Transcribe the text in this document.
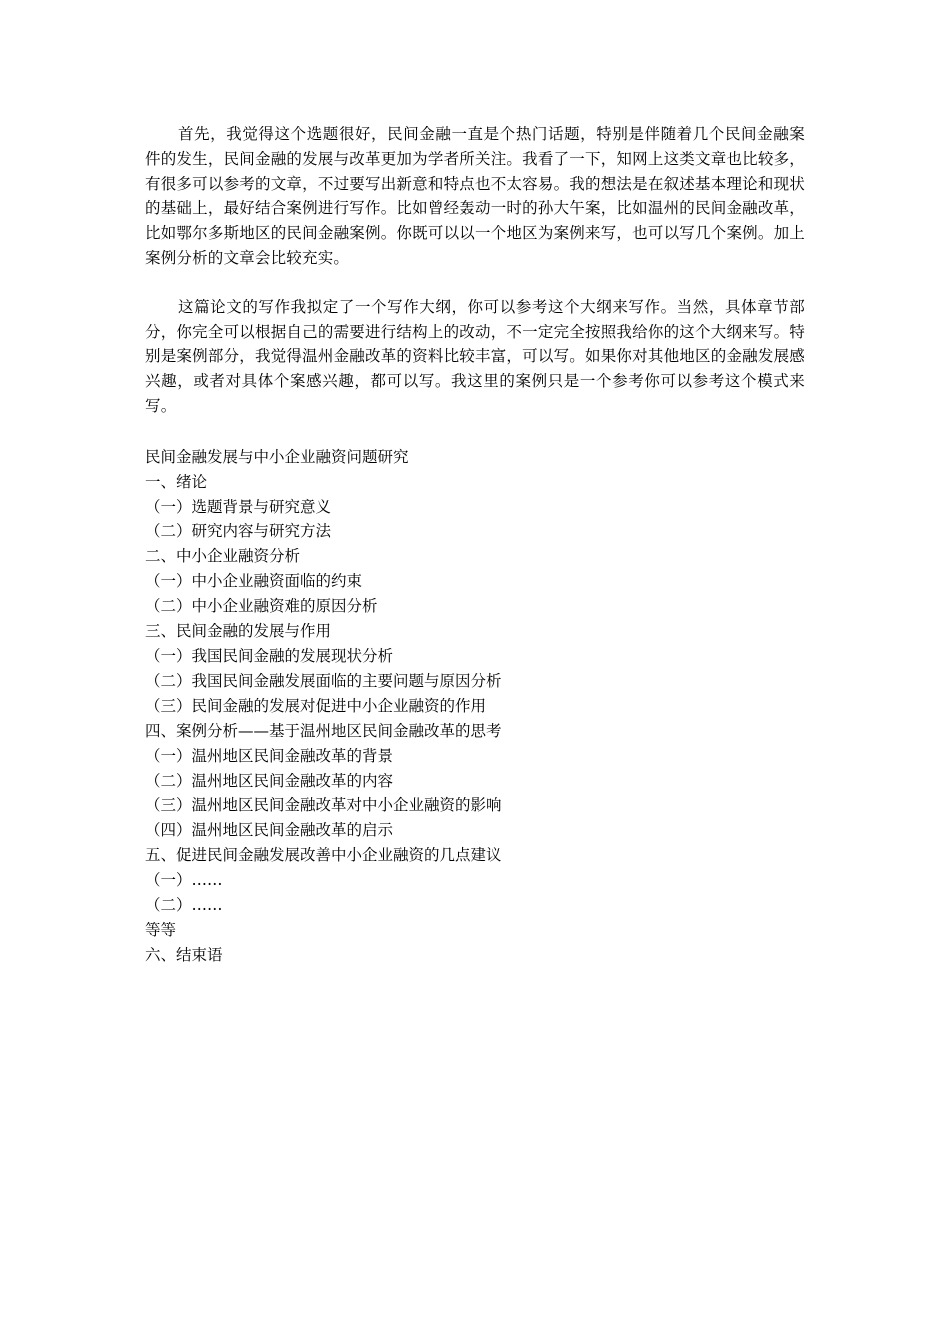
首先，我觉得这个选题很好，民间金融一直是个热门话题，特别是伴随着几个民间金融案件的发生，民间金融的发展与改革更加为学者所关注。我看了一下，知网上这类文章也比较多，有很多可以参考的文章，不过要写出新意和特点也不太容易。我的想法是在叙述基本理论和现状的基础上，最好结合案例进行写作。比如曾经轰动一时的孙大午案，比如温州的民间金融改革，比如鄂尔多斯地区的民间金融案例。你既可以以一个地区为案例来写，也可以写几个案例。加上案例分析的文章会比较充实。

这篇论文的写作我拟定了一个写作大纲，你可以参考这个大纲来写作。当然，具体章节部分，你完全可以根据自己的需要进行结构上的改动，不一定完全按照我给你的这个大纲来写。特别是案例部分，我觉得温州金融改革的资料比较丰富，可以写。如果你对其他地区的金融发展感兴趣，或者对具体个案感兴趣，都可以写。我这里的案例只是一个参考你可以参考这个模式来写。

民间金融发展与中小企业融资问题研究
一、绪论
（一）选题背景与研究意义
（二）研究内容与研究方法
二、中小企业融资分析
（一）中小企业融资面临的约束
（二）中小企业融资难的原因分析
三、民间金融的发展与作用
（一）我国民间金融的发展现状分析
（二）我国民间金融发展面临的主要问题与原因分析
（三）民间金融的发展对促进中小企业融资的作用
四、案例分析——基于温州地区民间金融改革的思考
（一）温州地区民间金融改革的背景
（二）温州地区民间金融改革的内容
（三）温州地区民间金融改革对中小企业融资的影响
（四）温州地区民间金融改革的启示
五、促进民间金融发展改善中小企业融资的几点建议
（一）……
（二）……
等等
六、结束语
